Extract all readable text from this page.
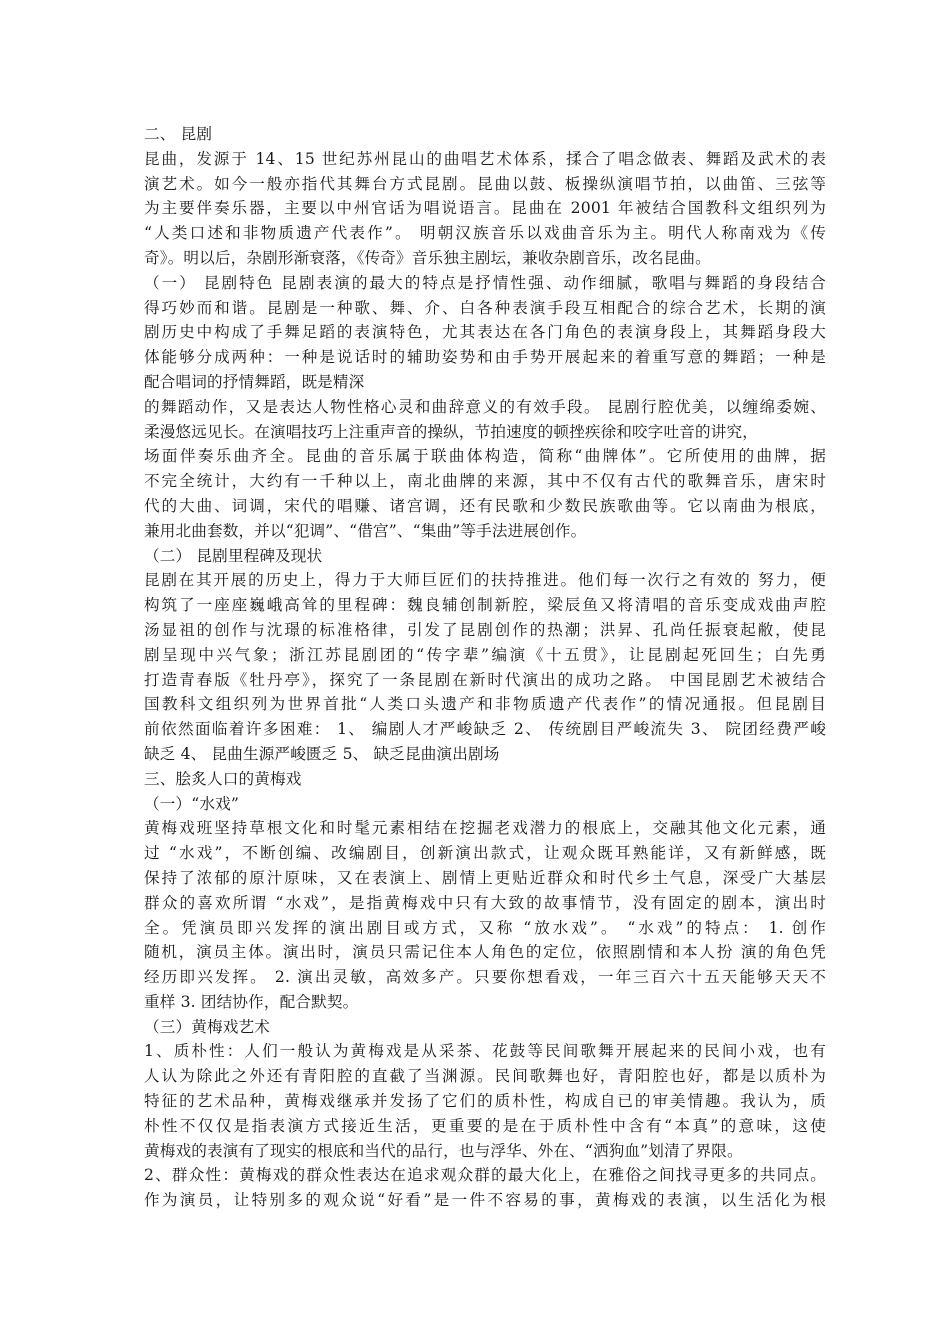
二、 昆剧
昆曲，发源于 14、15 世纪苏州昆山的曲唱艺术体系，揉合了唱念做表、舞蹈及武术的表
演艺术。如今一般亦指代其舞台方式昆剧。昆曲以鼓、板操纵演唱节拍，以曲笛、三弦等
为主要伴奏乐器，主要以中州官话为唱说语言。昆曲在 2001 年被结合国教科文组织列为
“人类口述和非物质遗产代表作”。 明朝汉族音乐以戏曲音乐为主。明代人称南戏为《传
奇》。明以后，杂剧形渐衰落，《传奇》音乐独主剧坛，兼收杂剧音乐，改名昆曲。
（一） 昆剧特色 昆剧表演的最大的特点是抒情性强、动作细腻，歌唱与舞蹈的身段结合
得巧妙而和谐。昆剧是一种歌、舞、介、白各种表演手段互相配合的综合艺术，长期的演
剧历史中构成了手舞足蹈的表演特色，尤其表达在各门角色的表演身段上，其舞蹈身段大
体能够分成两种：一种是说话时的辅助姿势和由手势开展起来的着重写意的舞蹈；一种是
配合唱词的抒情舞蹈，既是精深
的舞蹈动作，又是表达人物性格心灵和曲辞意义的有效手段。 昆剧行腔优美，以缠绵委婉、
柔漫悠远见长。在演唱技巧上注重声音的操纵，节拍速度的顿挫疾徐和咬字吐音的讲究，
场面伴奏乐曲齐全。昆曲的音乐属于联曲体构造，简称“曲牌体”。它所使用的曲牌，据
不完全统计，大约有一千种以上，南北曲牌的来源，其中不仅有古代的歌舞音乐，唐宋时
代的大曲、词调，宋代的唱赚、诸宫调，还有民歌和少数民族歌曲等。它以南曲为根底，
兼用北曲套数，并以“犯调”、“借宫”、“集曲”等手法进展创作。
（二） 昆剧里程碑及现状
昆剧在其开展的历史上，得力于大师巨匠们的扶持推进。他们每一次行之有效的 努力，便
构筑了一座座巍峨高耸的里程碑：魏良辅创制新腔，梁辰鱼又将清唱的音乐变成戏曲声腔
汤显祖的创作与沈璟的标准格律，引发了昆剧创作的热潮；洪昇、孔尚任振衰起敝，使昆
剧呈现中兴气象；浙江苏昆剧团的“传字辈”编演《十五贯》，让昆剧起死回生；白先勇
打造青春版《牡丹亭》，探究了一条昆剧在新时代演出的成功之路。 中国昆剧艺术被结合
国教科文组织列为世界首批“人类口头遗产和非物质遗产代表作”的情况通报。但昆剧目
前依然面临着许多困难： 1、 编剧人才严峻缺乏 2、 传统剧目严峻流失 3、 院团经费严峻
缺乏 4、 昆曲生源严峻匮乏 5、 缺乏昆曲演出剧场
三、脍炙人口的黄梅戏
（一）“水戏”
黄梅戏班坚持草根文化和时髦元素相结在挖掘老戏潜力的根底上，交融其他文化元素，通
过 “水戏”，不断创编、改编剧目，创新演出款式，让观众既耳熟能详，又有新鲜感，既
保持了浓郁的原汁原味，又在表演上、剧情上更贴近群众和时代乡土气息，深受广大基层
群众的喜欢所谓 “水戏”，是指黄梅戏中只有大致的故事情节，没有固定的剧本，演出时
全。凭演员即兴发挥的演出剧目或方式，又称 “放水戏”。 “水戏”的特点： 1. 创作
随机，演员主体。演出时，演员只需记住本人角色的定位，依照剧情和本人扮 演的角色凭
经历即兴发挥。 2. 演出灵敏，高效多产。只要你想看戏，一年三百六十五天能够天天不
重样 3. 团结协作，配合默契。
（三）黄梅戏艺术
1、质朴性：人们一般认为黄梅戏是从采茶、花鼓等民间歌舞开展起来的民间小戏，也有
人认为除此之外还有青阳腔的直截了当渊源。民间歌舞也好，青阳腔也好，都是以质朴为
特征的艺术品种，黄梅戏继承并发扬了它们的质朴性，构成自已的审美情趣。我认为，质
朴性不仅仅是指表演方式接近生活，更重要的是在于质朴性中含有“本真”的意味，这使
黄梅戏的表演有了现实的根底和当代的品行，也与浮华、外在、“洒狗血”划清了界限。
2、群众性：黄梅戏的群众性表达在追求观众群的最大化上，在雅俗之间找寻更多的共同点。
作为演员，让特别多的观众说“好看”是一件不容易的事，黄梅戏的表演，以生活化为根
